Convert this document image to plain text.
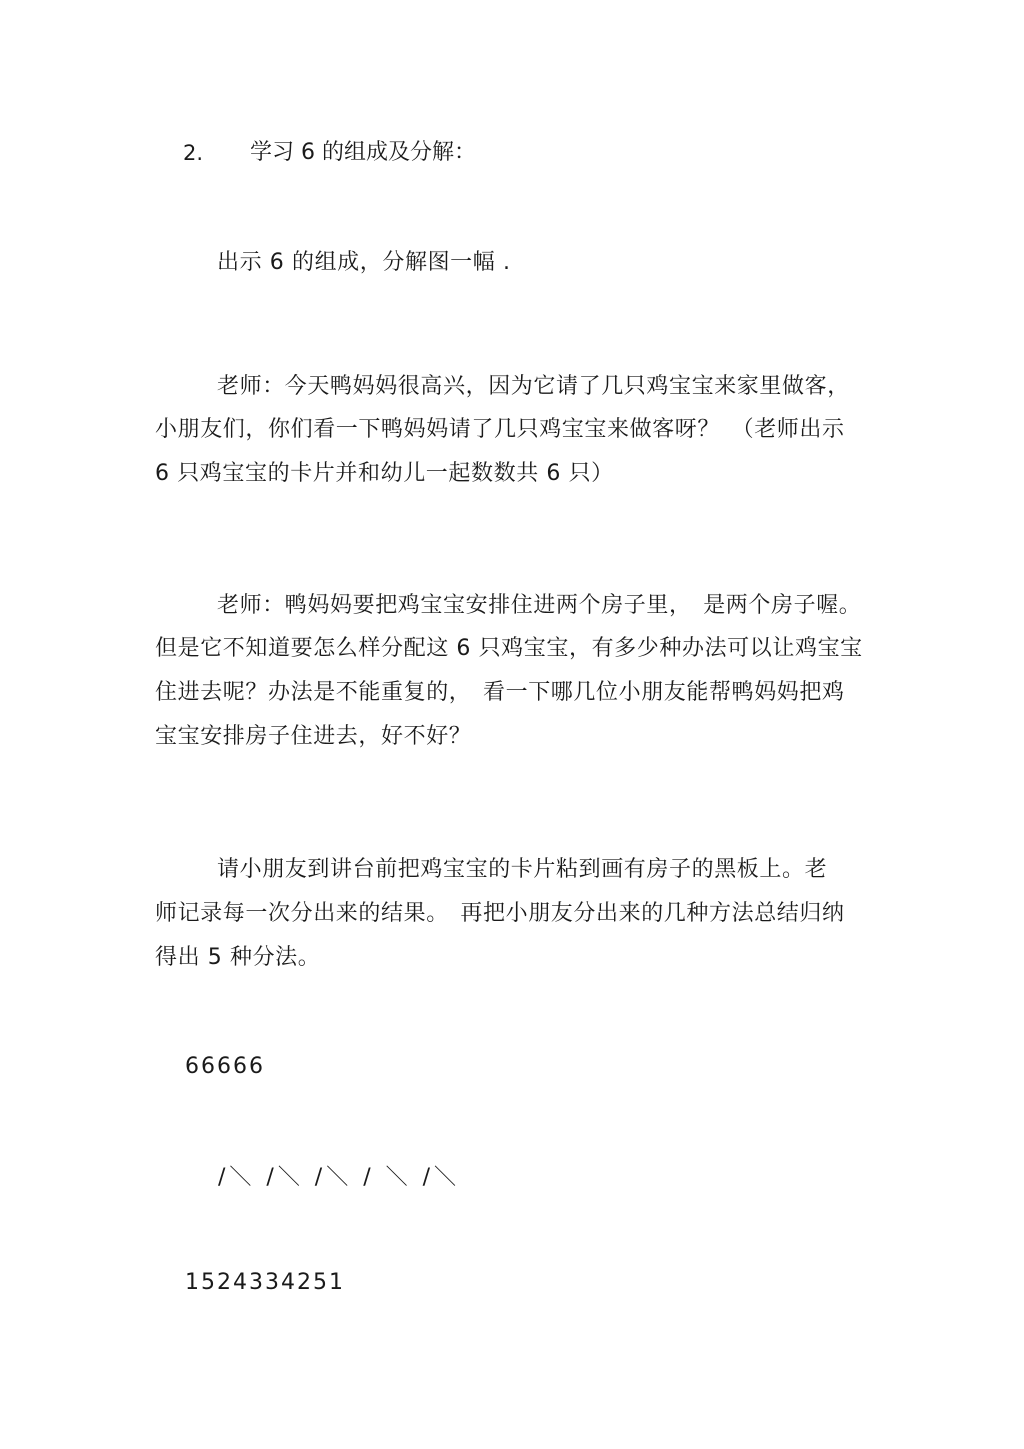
2. 学习 6 的组成及分解：
出示 6 的组成，分解图一幅 .
老师：今天鸭妈妈很高兴，因为它请了几只鸡宝宝来家里做客，
小朋友们，你们看一下鸭妈妈请了几只鸡宝宝来做客呀？　（老师出示
6 只鸡宝宝的卡片并和幼儿一起数数共 6 只）
老师：鸭妈妈要把鸡宝宝安排住进两个房子里，　是两个房子喔。
但是它不知道要怎么样分配这 6 只鸡宝宝，有多少种办法可以让鸡宝宝
住进去呢？办法是不能重复的，　看一下哪几位小朋友能帮鸭妈妈把鸡
宝宝安排房子住进去，好不好？
请小朋友到讲台前把鸡宝宝的卡片粘到画有房子的黑板上。老
师记录每一次分出来的结果。　再把小朋友分出来的几种方法总结归纳
得出 5 种分法。
66666
/＼ /＼ /＼ / ＼ /＼
1524334251
